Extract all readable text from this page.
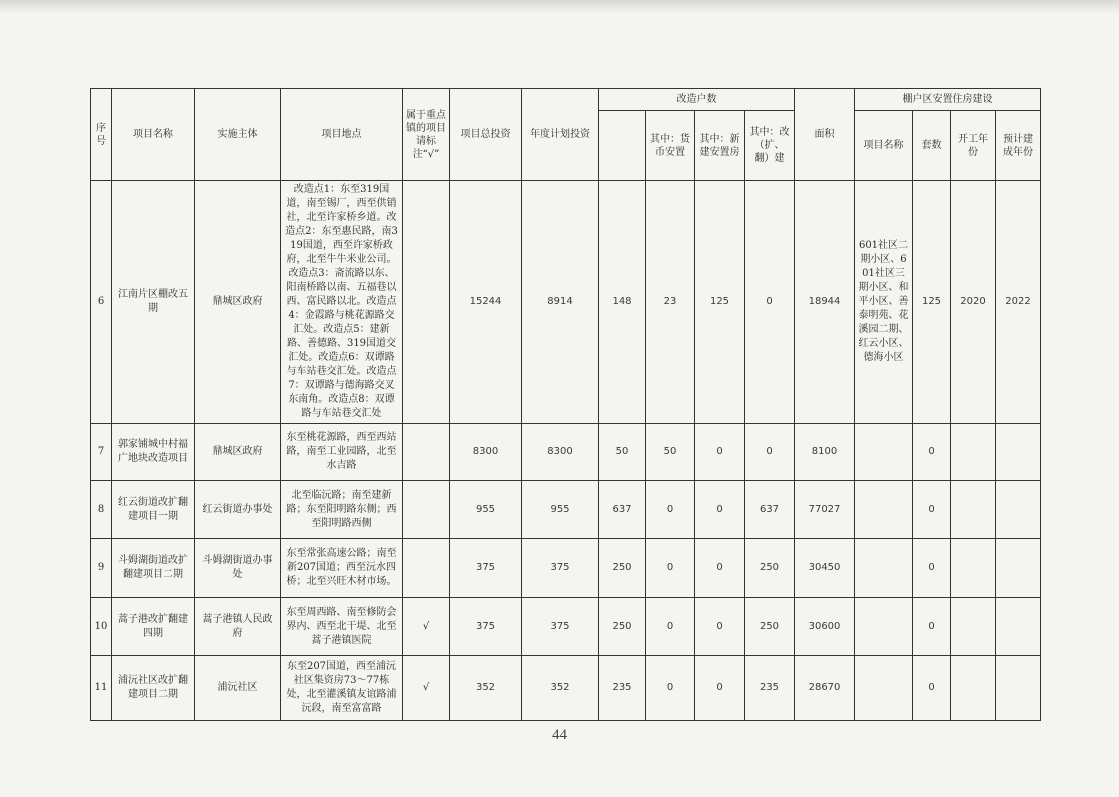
序号	项目名称	实施主体	项目地点	属于重点镇的项目请标注“√”	项目总投资	年度计划投资	改造户数				面积	棚户区安置住房建设			
								其中：货币安置	其中：新建安置房	其中：改（扩、翻）建		项目名称	套数	开工年份	预计建成年份
6	江南片区棚改五期	鼎城区政府	改造点1：东至319国道，南至锡厂，西至供销社，北至许家桥乡道。改造点2：东至惠民路，南319国道，西至许家桥政府，北至牛牛米业公司。改造点3：斋流路以东、阳南桥路以南、五福巷以西、富民路以北。改造点4：金霞路与桃花源路交汇处。改造点5：建新路、善德路、319国道交汇处。改造点6：双谭路与车站巷交汇处。改造点7：双谭路与德海路交叉东南角。改造点8：双谭路与车站巷交汇处		15244	8914	148	23	125	0	18944	601社区二期小区、601社区三期小区、和平小区、善泰明苑、花溪园二期、红云小区、德海小区	125	2020	2022
7	郭家铺城中村福广地块改造项目	鼎城区政府	东至桃花源路，西至西站路，南至工业园路，北至水吉路		8300	8300	50	50	0	0	8100		0		
8	红云街道改扩翻建项目一期	红云街道办事处	北至临沅路；南至建新路；东至阳明路东侧；西至阳明路西侧		955	955	637	0	0	637	77027		0		
9	斗姆湖街道改扩翻建项目二期	斗姆湖街道办事处	东至常张高速公路；南至新207国道；西至沅水四桥；北至兴旺木材市场。		375	375	250	0	0	250	30450		0		
10	蒿子港改扩翻建四期	蒿子港镇人民政府	东至周西路、南至修防会界内、西至北干堤、北至蒿子港镇医院	√	375	375	250	0	0	250	30600		0		
11	浦沅社区改扩翻建项目二期	浦沅社区	东至207国道，西至浦沅社区集资房73～77栋处，北至灌溪镇友谊路浦沅段，南至富富路	√	352	352	235	0	0	235	28670		0		
44
